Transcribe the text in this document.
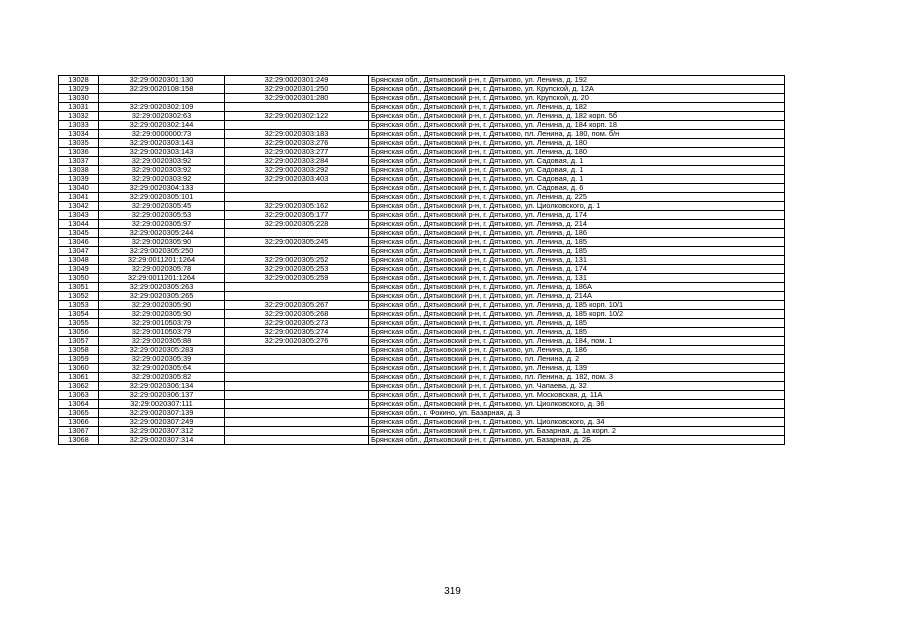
13028	32:29:0020301:130	32:29:0020301:249	Брянская обл., Дятьковский р-н, г. Дятьково, ул. Ленина, д. 192
13029	32:29:0020108:158	32:29:0020301:250	Брянская обл., Дятьковский р-н, г. Дятьково, ул. Крупской, д. 12А
13030		32:29:0020301:280	Брянская обл., Дятьковский р-н, г. Дятьково, ул. Крупской, д. 20
13031	32:29:0020302:109		Брянская обл., Дятьковский р-н, г. Дятьково, ул. Ленина, д. 182
13032	32:29:0020302:63	32:29:0020302:122	Брянская обл., Дятьковский р-н, г. Дятьково, ул. Ленина, д. 182 корп. 5б
13033	32:29:0020302:144		Брянская обл., Дятьковский р-н, г. Дятьково, ул. Ленина, д. 184 корп. 18
13034	32:29:0000000:73	32:29:0020303:183	Брянская обл., Дятьковский р-н, г. Дятьково, пл. Ленина, д. 180, пом. б/н
13035	32:29:0020303:143	32:29:0020303:276	Брянская обл., Дятьковский р-н, г. Дятьково, ул. Ленина, д. 180
13036	32:29:0020303:143	32:29:0020303:277	Брянская обл., Дятьковский р-н, г. Дятьково, ул. Ленина, д. 180
13037	32:29:0020303:92	32:29:0020303:284	Брянская обл., Дятьковский р-н, г. Дятьково, ул. Садовая, д. 1
13038	32:29:0020303:92	32:29:0020303:292	Брянская обл., Дятьковский р-н, г. Дятьково, ул. Садовая, д. 1
13039	32:29:0020303:92	32:29:0020303:403	Брянская обл., Дятьковский р-н, г. Дятьково, ул. Садовая, д. 1
13040	32:29:0020304:133		Брянская обл., Дятьковский р-н, г. Дятьково, ул. Садовая, д. 6
13041	32:29:0020305:101		Брянская обл., Дятьковский р-н, г. Дятьково, ул. Ленина, д. 225
13042	32:29:0020305:45	32:29:0020305:162	Брянская обл., Дятьковский р-н, г. Дятьково, ул. Циолковского, д. 1
13043	32:29:0020305:53	32:29:0020305:177	Брянская обл., Дятьковский р-н, г. Дятьково, ул. Ленина, д. 174
13044	32:29:0020305:97	32:29:0020305:228	Брянская обл., Дятьковский р-н, г. Дятьково, ул. Ленина, д. 214
13045	32:29:0020305:244		Брянская обл., Дятьковский р-н, г. Дятьково, ул. Ленина, д. 186
13046	32:29:0020305:90	32:29:0020305:245	Брянская обл., Дятьковский р-н, г. Дятьково, ул. Ленина, д. 185
13047	32:29:0020305:250		Брянская обл., Дятьковский р-н, г. Дятьково, ул. Ленина, д. 185
13048	32:29:0011201:1264	32:29:0020305:252	Брянская обл., Дятьковский р-н, г. Дятьково, ул. Ленина, д. 131
13049	32:29:0020305:78	32:29:0020305:253	Брянская обл., Дятьковский р-н, г. Дятьково, ул. Ленина, д. 174
13050	32:29:0011201:1264	32:29:0020305:259	Брянская обл., Дятьковский р-н, г. Дятьково, ул. Ленина, д. 131
13051	32:29:0020305:263		Брянская обл., Дятьковский р-н, г. Дятьково, ул. Ленина, д. 186А
13052	32:29:0020305:265		Брянская обл., Дятьковский р-н, г. Дятьково, ул. Ленина, д. 214А
13053	32:29:0020305:90	32:29:0020305:267	Брянская обл., Дятьковский р-н, г. Дятьково, ул. Ленина, д. 185 корп. 10/1
13054	32:29:0020305:90	32:29:0020305:268	Брянская обл., Дятьковский р-н, г. Дятьково, ул. Ленина, д. 185 корп. 10/2
13055	32:29:0010503:79	32:29:0020305:273	Брянская обл., Дятьковский р-н, г. Дятьково, ул. Ленина, д. 185
13056	32:29:0010503:79	32:29:0020305:274	Брянская обл., Дятьковский р-н, г. Дятьково, ул. Ленина, д. 185
13057	32:29:0020305:88	32:29:0020305:276	Брянская обл., Дятьковский р-н, г. Дятьково, ул. Ленина, д. 184, пом. 1
13058	32:29:0020305:283		Брянская обл., Дятьковский р-н, г. Дятьково, ул. Ленина, д. 186
13059	32:29:0020305:39		Брянская обл., Дятьковский р-н, г. Дятьково, пл. Ленина, д. 2
13060	32:29:0020305:64		Брянская обл., Дятьковский р-н, г. Дятьково, ул. Ленина, д. 139
13061	32:29:0020305:82		Брянская обл., Дятьковский р-н, г. Дятьково, пл. Ленина, д. 182, пом. 3
13062	32:29:0020306:134		Брянская обл., Дятьковский р-н, г. Дятьково, ул. Чапаева, д. 32
13063	32:29:0020306:137		Брянская обл., Дятьковский р-н, г. Дятьково, ул. Московская, д. 11А
13064	32:29:0020307:111		Брянская обл., Дятьковский р-н, г. Дятьково, ул. Циолковского, д. 36
13065	32:29:0020307:139		Брянская обл., г. Фокино, ул. Базарная, д. 3
13066	32:29:0020307:249		Брянская обл., Дятьковский р-н, г. Дятьково, ул. Циолковского, д. 34
13067	32:29:0020307:312		Брянская обл., Дятьковский р-н, г. Дятьково, ул. Базарная, д. 1а корп. 2
13068	32:29:0020307:314		Брянская обл., Дятьковский р-н, г. Дятьково, ул. Базарная, д. 2Б
319
